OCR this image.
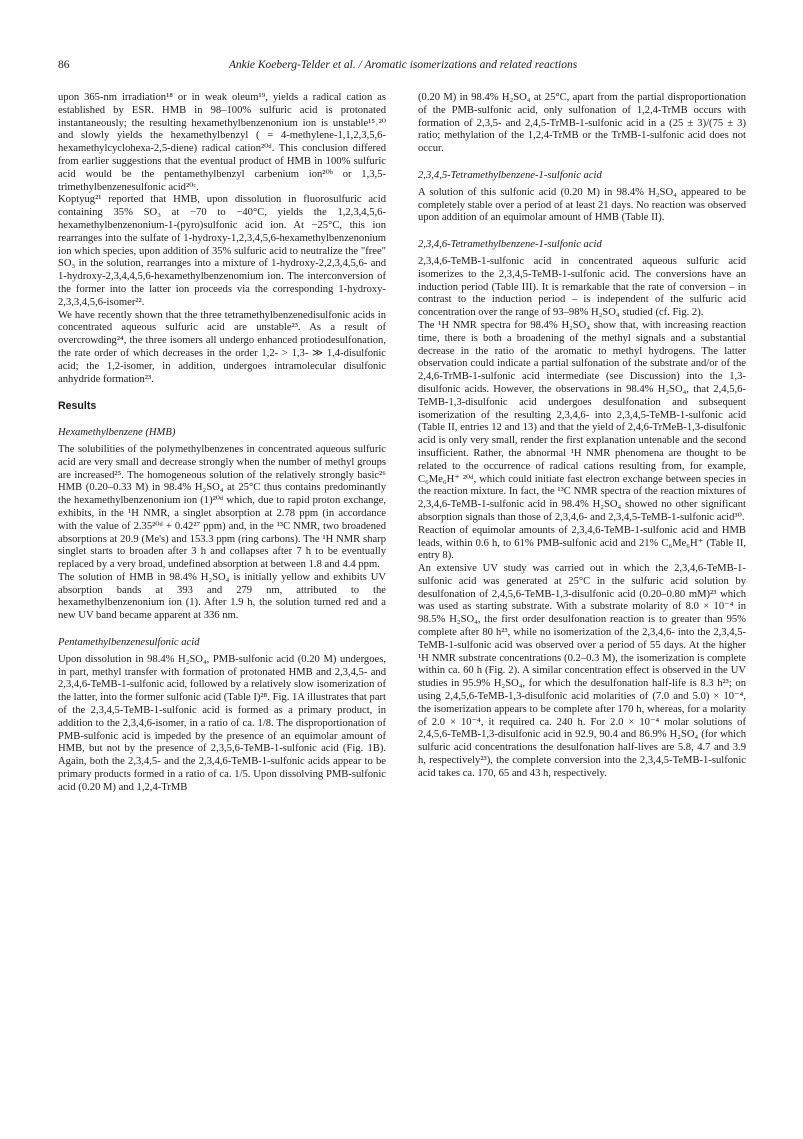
86	Ankie Koeberg-Telder et al. / Aromatic isomerizations and related reactions

upon 365-nm irradiation¹⁸ or in weak oleum¹⁹, yields a radical cation as established by ESR. HMB in 98–100% sulfuric acid is protonated instantaneously; the resulting hexamethylbenzenonium ion is unstable¹⁵˒²⁰ and slowly yields the hexamethylbenzyl ( = 4-methylene-1,1,2,3,5,6-hexamethylcyclohexa-2,5-diene) radical cation²⁰ᵈ. This conclusion differed from earlier suggestions that the eventual product of HMB in 100% sulfuric acid would be the pentamethylbenzyl carbenium ion²⁰ᵇ or 1,3,5-trimethylbenzenesulfonic acid²⁰ᶜ.

Koptyug²¹ reported that HMB, upon dissolution in fluorosulfuric acid containing 35% SO₃ at −70 to −40°C, yields the 1,2,3,4,5,6-hexamethylbenzenonium-1-(pyro)sulfonic acid ion. At −25°C, this ion rearranges into the sulfate of 1-hydroxy-1,2,3,4,5,6-hexamethylbenzenonium ion which species, upon addition of 35% sulfuric acid to neutralize the "free" SO₃ in the solution, rearranges into a mixture of 1-hydroxy-2,2,3,4,5,6- and 1-hydroxy-2,3,4,4,5,6-hexamethylbenzenomium ion. The interconversion of the former into the latter ion proceeds via the corresponding 1-hydroxy-2,3,3,4,5,6-isomer²².

We have recently shown that the three tetramethylbenzenedisulfonic acids in concentrated aqueous sulfuric acid are unstable²³. As a result of overcrowding²⁴, the three isomers all undergo enhanced protiodesulfonation, the rate order of which decreases in the order 1,2- > 1,3- ≫ 1,4-disulfonic acid; the 1,2-isomer, in addition, undergoes intramolecular disulfonic anhydride formation²³.

Results

Hexamethylbenzene (HMB)

The solubilities of the polymethylbenzenes in concentrated aqueous sulfuric acid are very small and decrease strongly when the number of methyl groups are increased²⁵. The homogeneous solution of the relatively strongly basic²⁶ HMB (0.20–0.33 M) in 98.4% H₂SO₄ at 25°C thus contains predominantly the hexamethylbenzenonium ion (1)²⁰ᵈ which, due to rapid proton exchange, exhibits, in the ¹H NMR, a singlet absorption at 2.78 ppm (in accordance with the value of 2.35²⁰ᵈ + 0.42²⁷ ppm) and, in the ¹³C NMR, two broadened absorptions at 20.9 (Me's) and 153.3 ppm (ring carbons). The ¹H NMR sharp singlet starts to broaden after 3 h and collapses after 7 h to be eventually replaced by a very broad, undefined absorption at between 1.8 and 4.4 ppm.

The solution of HMB in 98.4% H₂SO₄ is initially yellow and exhibits UV absorption bands at 393 and 279 nm, attributed to the hexamethylbenzenonium ion (1). After 1.9 h, the solution turned red and a new UV band became apparent at 336 nm.

Pentamethylbenzenesulfonic acid

Upon dissolution in 98.4% H₂SO₄, PMB-sulfonic acid (0.20 M) undergoes, in part, methyl transfer with formation of protonated HMB and 2,3,4,5- and 2,3,4,6-TeMB-1-sulfonic acid, followed by a relatively slow isomerization of the latter, into the former sulfonic acid (Table I)²⁸. Fig. 1A illustrates that part of the 2,3,4,5-TeMB-1-sulfonic acid is formed as a primary product, in addition to the 2,3,4,6-isomer, in a ratio of ca. 1/8. The disproportionation of PMB-sulfonic acid is impeded by the presence of an equimolar amount of HMB, but not by the presence of 2,3,5,6-TeMB-1-sulfonic acid (Fig. 1B). Again, both the 2,3,4,5- and the 2,3,4,6-TeMB-1-sulfonic acids appear to be primary products formed in a ratio of ca. 1/5. Upon dissolving PMB-sulfonic acid (0.20 M) and 1,2,4-TrMB

(0.20 M) in 98.4% H₂SO₄ at 25°C, apart from the partial disproportionation of the PMB-sulfonic acid, only sulfonation of 1,2,4-TrMB occurs with formation of 2,3,5- and 2,4,5-TrMB-1-sulfonic acid in a (25 ± 3)/(75 ± 3) ratio; methylation of the 1,2,4-TrMB or the TrMB-1-sulfonic acid does not occur.

2,3,4,5-Tetramethylbenzene-1-sulfonic acid

A solution of this sulfonic acid (0.20 M) in 98.4% H₂SO₄ appeared to be completely stable over a period of at least 21 days. No reaction was observed upon addition of an equimolar amount of HMB (Table II).

2,3,4,6-Tetramethylbenzene-1-sulfonic acid

2,3,4,6-TeMB-1-sulfonic acid in concentrated aqueous sulfuric acid isomerizes to the 2,3,4,5-TeMB-1-sulfonic acid. The conversions have an induction period (Table III). It is remarkable that the rate of conversion – in contrast to the induction period – is independent of the sulfuric acid concentration over the range of 93–98% H₂SO₄ studied (cf. Fig. 2).

The ¹H NMR spectra for 98.4% H₂SO₄ show that, with increasing reaction time, there is both a broadening of the methyl signals and a substantial decrease in the ratio of the aromatic to methyl hydrogens. The latter observation could indicate a partial sulfonation of the substrate and/or of the 2,4,6-TrMB-1-sulfonic acid intermediate (see Discussion) into the 1,3-disulfonic acids. However, the observations in 98.4% H₂SO₄, that 2,4,5,6-TeMB-1,3-disulfonic acid undergoes desulfonation and subsequent isomerization of the resulting 2,3,4,6- into 2,3,4,5-TeMB-1-sulfonic acid (Table II, entries 12 and 13) and that the yield of 2,4,6-TrMeB-1,3-disulfonic acid is only very small, render the first explanation untenable and the second insufficient. Rather, the abnormal ¹H NMR phenomena are thought to be related to the occurrence of radical cations resulting from, for example, C₆Me₆H⁺ ²⁰ᵈ, which could initiate fast electron exchange between species in the reaction mixture. In fact, the ¹³C NMR spectra of the reaction mixtures of 2,3,4,6-TeMB-1-sulfonic acid in 98.4% H₂SO₄ showed no other significant absorption signals than those of 2,3,4,6- and 2,3,4,5-TeMB-1-sulfonic acid³⁰.

Reaction of equimolar amounts of 2,3,4,6-TeMB-1-sulfonic acid and HMB leads, within 0.6 h, to 61% PMB-sulfonic acid and 21% C₆Me₆H⁺ (Table II, entry 8).

An extensive UV study was carried out in which the 2,3,4,6-TeMB-1-sulfonic acid was generated at 25°C in the sulfuric acid solution by desulfonation of 2,4,5,6-TeMB-1,3-disulfonic acid (0.20–0.80 mM)²³ which was used as starting substrate. With a substrate molarity of 8.0 × 10⁻⁴ in 98.5% H₂SO₄, the first order desulfonation reaction is to greater than 95% complete after 80 h²³, while no isomerization of the 2,3,4,6- into the 2,3,4,5-TeMB-1-sulfonic acid was observed over a period of 55 days. At the higher ¹H NMR substrate concentrations (0.2–0.3 M), the isomerization is complete within ca. 60 h (Fig. 2). A similar concentration effect is observed in the UV studies in 95.9% H₂SO₄, for which the desulfonation half-life is 8.3 h²³; on using 2,4,5,6-TeMB-1,3-disulfonic acid molarities of (7.0 and 5.0) × 10⁻⁴, the isomerization appears to be complete after 170 h, whereas, for a molarity of 2.0 × 10⁻⁴, it required ca. 240 h. For 2.0 × 10⁻⁴ molar solutions of 2,4,5,6-TeMB-1,3-disulfonic acid in 92.9, 90.4 and 86.9% H₂SO₄ (for which sulfuric acid concentrations the desulfonation half-lives are 5.8, 4.7 and 3.9 h, respectively²³), the complete conversion into the 2,3,4,5-TeMB-1-sulfonic acid takes ca. 170, 65 and 43 h, respectively.
